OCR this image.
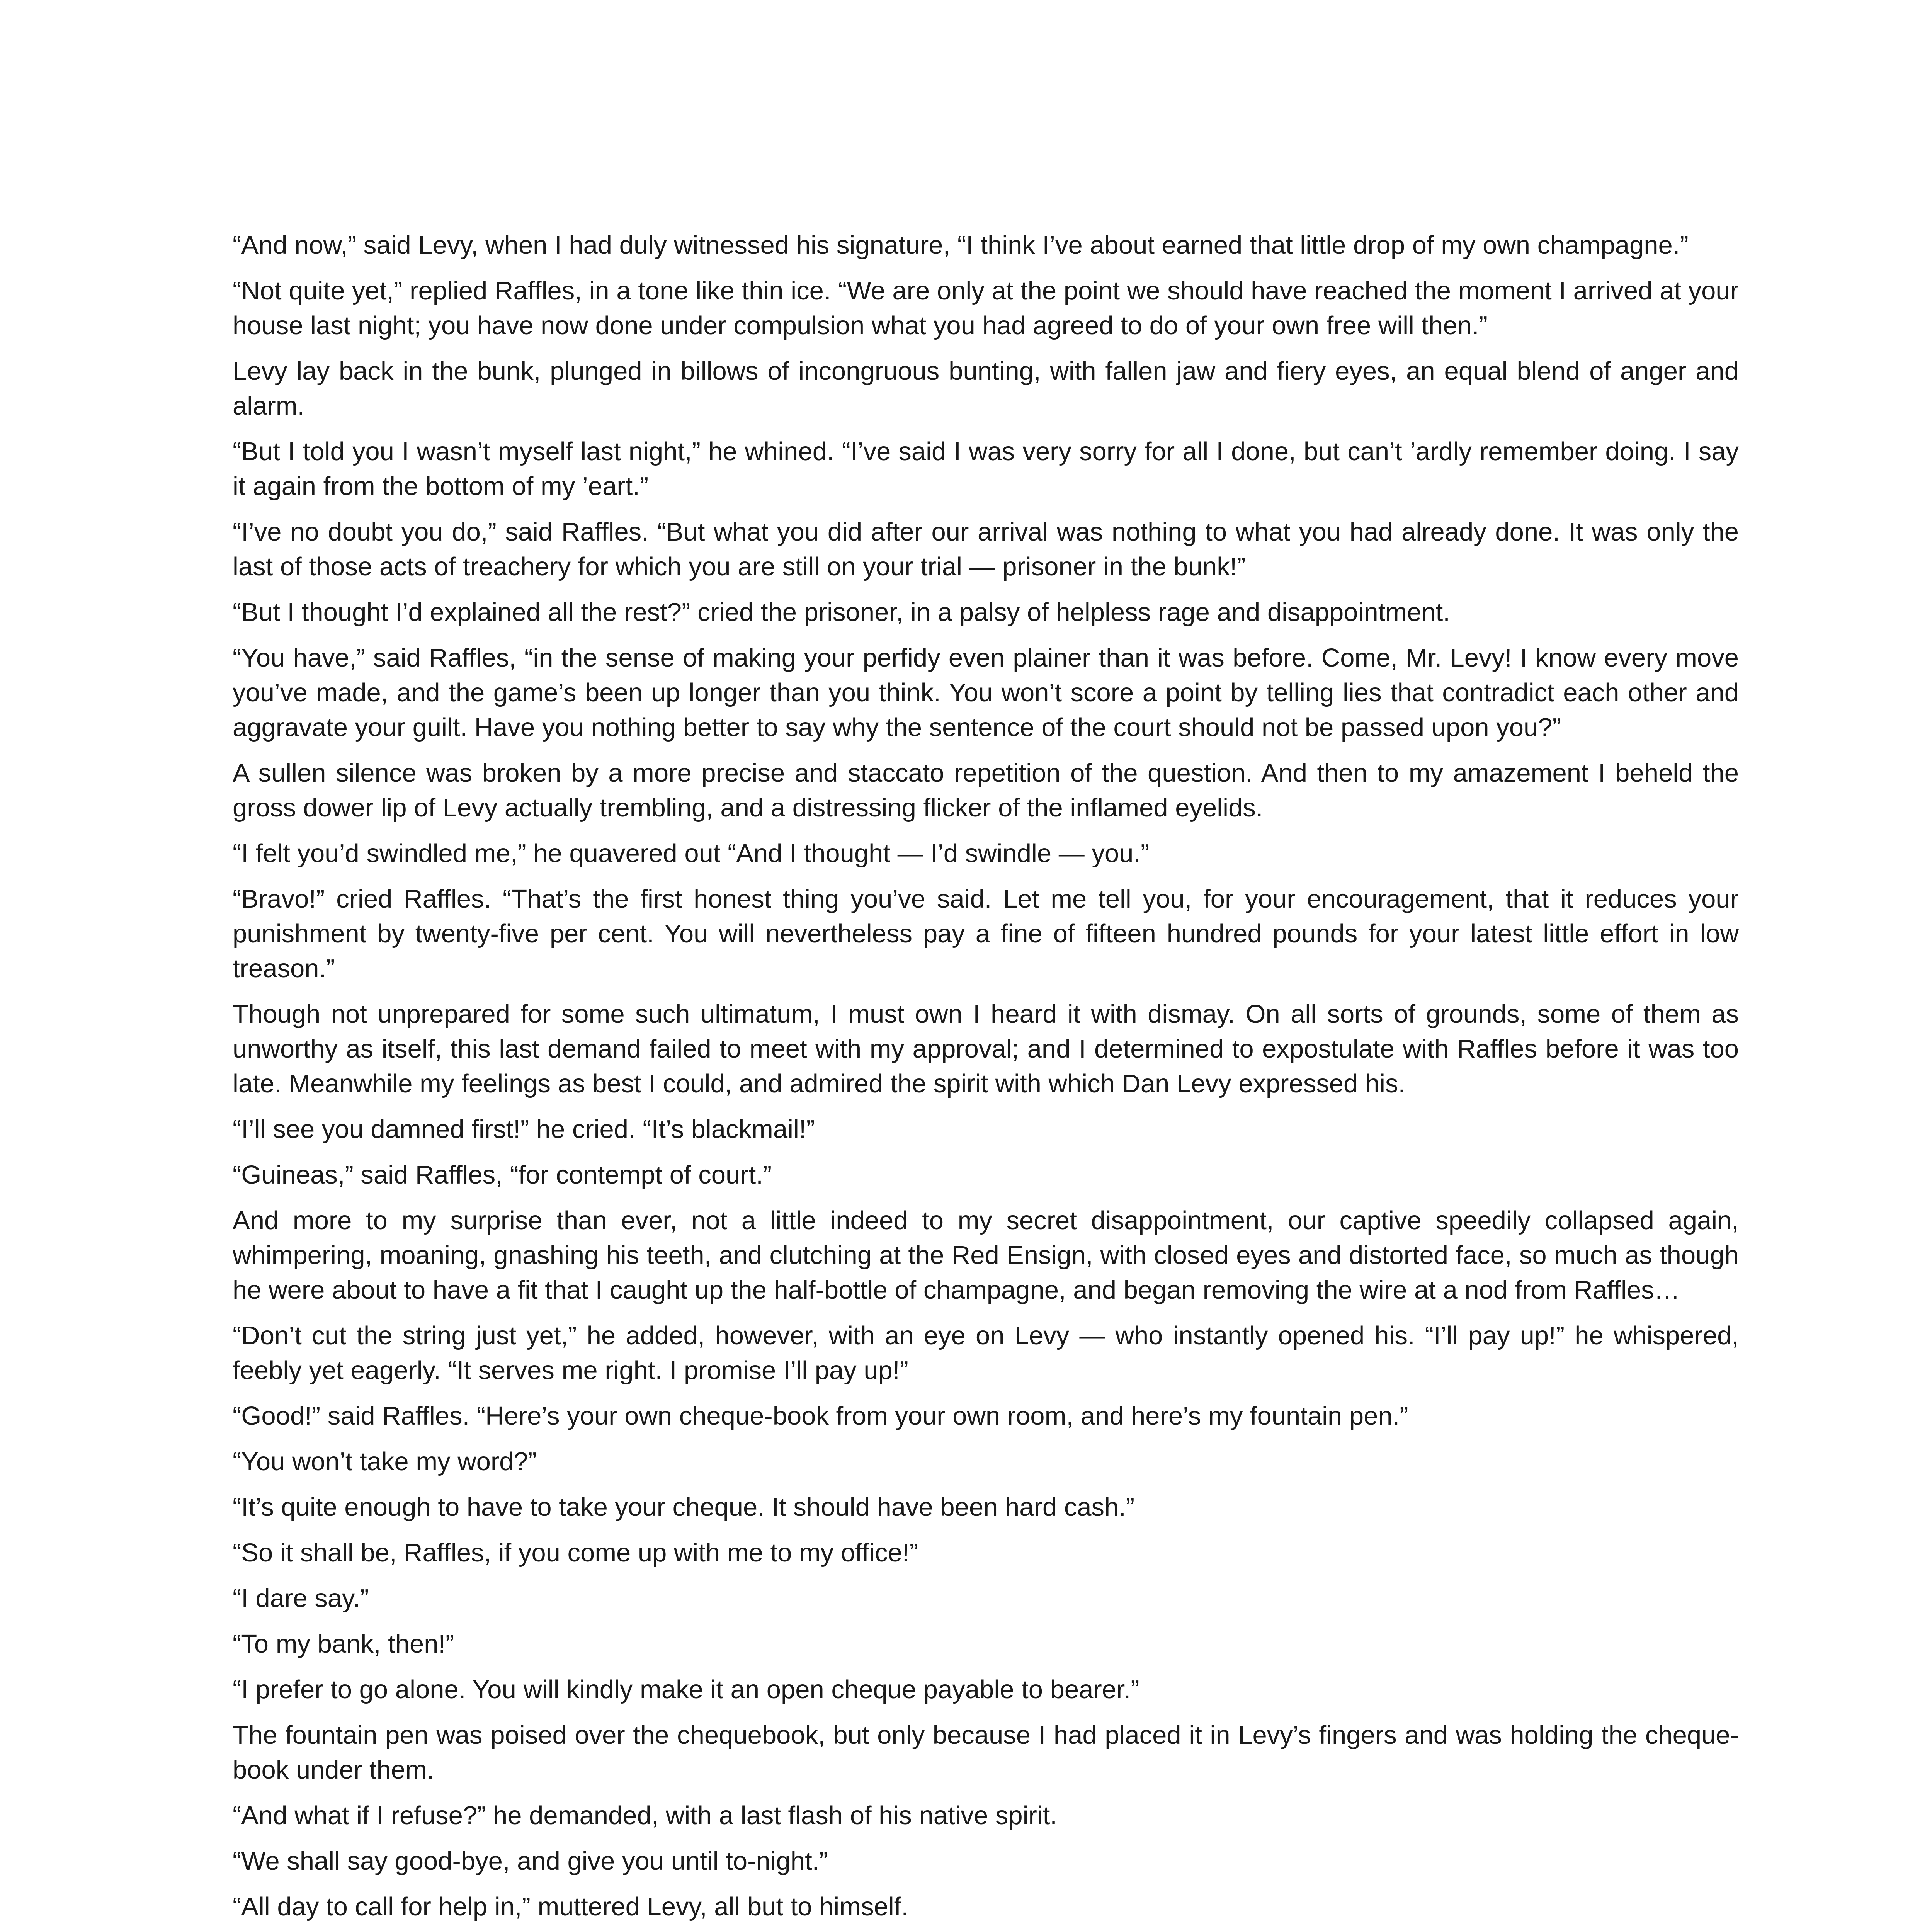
“And now,” said Levy, when I had duly witnessed his signature, “I think I’ve about earned that little drop of my own champagne.”

“Not quite yet,” replied Raffles, in a tone like thin ice. “We are only at the point we should have reached the moment I arrived at your house last night; you have now done under compulsion what you had agreed to do of your own free will then.”

Levy lay back in the bunk, plunged in billows of incongruous bunting, with fallen jaw and fiery eyes, an equal blend of anger and alarm.

“But I told you I wasn’t myself last night,” he whined. “I’ve said I was very sorry for all I done, but can’t ’ardly remember doing. I say it again from the bottom of my ’eart.”

“I’ve no doubt you do,” said Raffles. “But what you did after our arrival was nothing to what you had already done. It was only the last of those acts of treachery for which you are still on your trial — prisoner in the bunk!”

“But I thought I’d explained all the rest?” cried the prisoner, in a palsy of helpless rage and disappointment.

“You have,” said Raffles, “in the sense of making your perfidy even plainer than it was before. Come, Mr. Levy! I know every move you’ve made, and the game’s been up longer than you think. You won’t score a point by telling lies that contradict each other and aggravate your guilt. Have you nothing better to say why the sentence of the court should not be passed upon you?”

A sullen silence was broken by a more precise and staccato repetition of the question. And then to my amazement I beheld the gross dower lip of Levy actually trembling, and a distressing flicker of the inflamed eyelids.

“I felt you’d swindled me,” he quavered out “And I thought — I’d swindle — you.”

“Bravo!” cried Raffles. “That’s the first honest thing you’ve said. Let me tell you, for your encouragement, that it reduces your punishment by twenty-five per cent. You will nevertheless pay a fine of fifteen hundred pounds for your latest little effort in low treason.”

Though not unprepared for some such ultimatum, I must own I heard it with dismay. On all sorts of grounds, some of them as unworthy as itself, this last demand failed to meet with my approval; and I determined to expostulate with Raffles before it was too late. Meanwhile my feelings as best I could, and admired the spirit with which Dan Levy expressed his.

“I’ll see you damned first!” he cried. “It’s blackmail!”

“Guineas,” said Raffles, “for contempt of court.”

And more to my surprise than ever, not a little indeed to my secret disappointment, our captive speedily collapsed again, whimpering, moaning, gnashing his teeth, and clutching at the Red Ensign, with closed eyes and distorted face, so much as though he were about to have a fit that I caught up the half-bottle of champagne, and began removing the wire at a nod from Raffles…

“Don’t cut the string just yet,” he added, however, with an eye on Levy — who instantly opened his. “I’ll pay up!” he whispered, feebly yet eagerly. “It serves me right. I promise I’ll pay up!”

“Good!” said Raffles. “Here’s your own cheque-book from your own room, and here’s my fountain pen.”

“You won’t take my word?”

“It’s quite enough to have to take your cheque. It should have been hard cash.”

“So it shall be, Raffles, if you come up with me to my office!”

“I dare say.”

“To my bank, then!”

“I prefer to go alone. You will kindly make it an open cheque payable to bearer.”

The fountain pen was poised over the chequebook, but only because I had placed it in Levy’s fingers and was holding the cheque-book under them.

“And what if I refuse?” he demanded, with a last flash of his native spirit.

“We shall say good-bye, and give you until to-night.”

“All day to call for help in,” muttered Levy, all but to himself.
